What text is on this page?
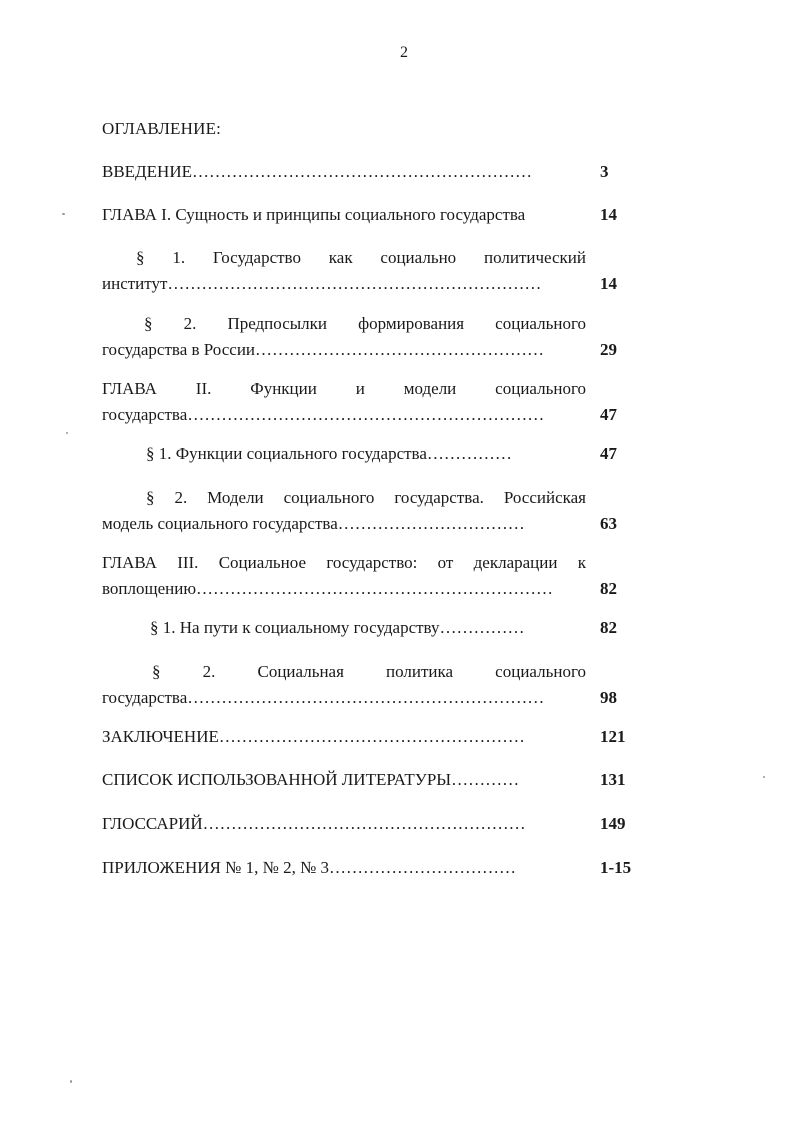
2
ОГЛАВЛЕНИЕ:
ВВЕДЕНИЕ……………………………………………………	3
ГЛАВА I. Сущность и принципы социального государства	14
§ 1. Государство как социально политический
институт…………………………………………………………	14
§ 2. Предпосылки формирования социального
государства в России……………………………………………	29
ГЛАВА II. Функции и модели социального
государства………………………………………………………	47
§ 1. Функции социального государства……………	47
§ 2. Модели социального государства. Российская
модель социального государства……………………………	63
ГЛАВА III. Социальное государство: от декларации к
воплощению………………………………………………………	82
§ 1. На пути к социальному государству……………	82
§ 2. Социальная политика социального
государства………………………………………………………	98
ЗАКЛЮЧЕНИЕ………………………………………………	121
СПИСОК ИСПОЛЬЗОВАННОЙ ЛИТЕРАТУРЫ…………	131
ГЛОССАРИЙ…………………………………………………	149
ПРИЛОЖЕНИЯ № 1, № 2, № 3……………………………	1-15
